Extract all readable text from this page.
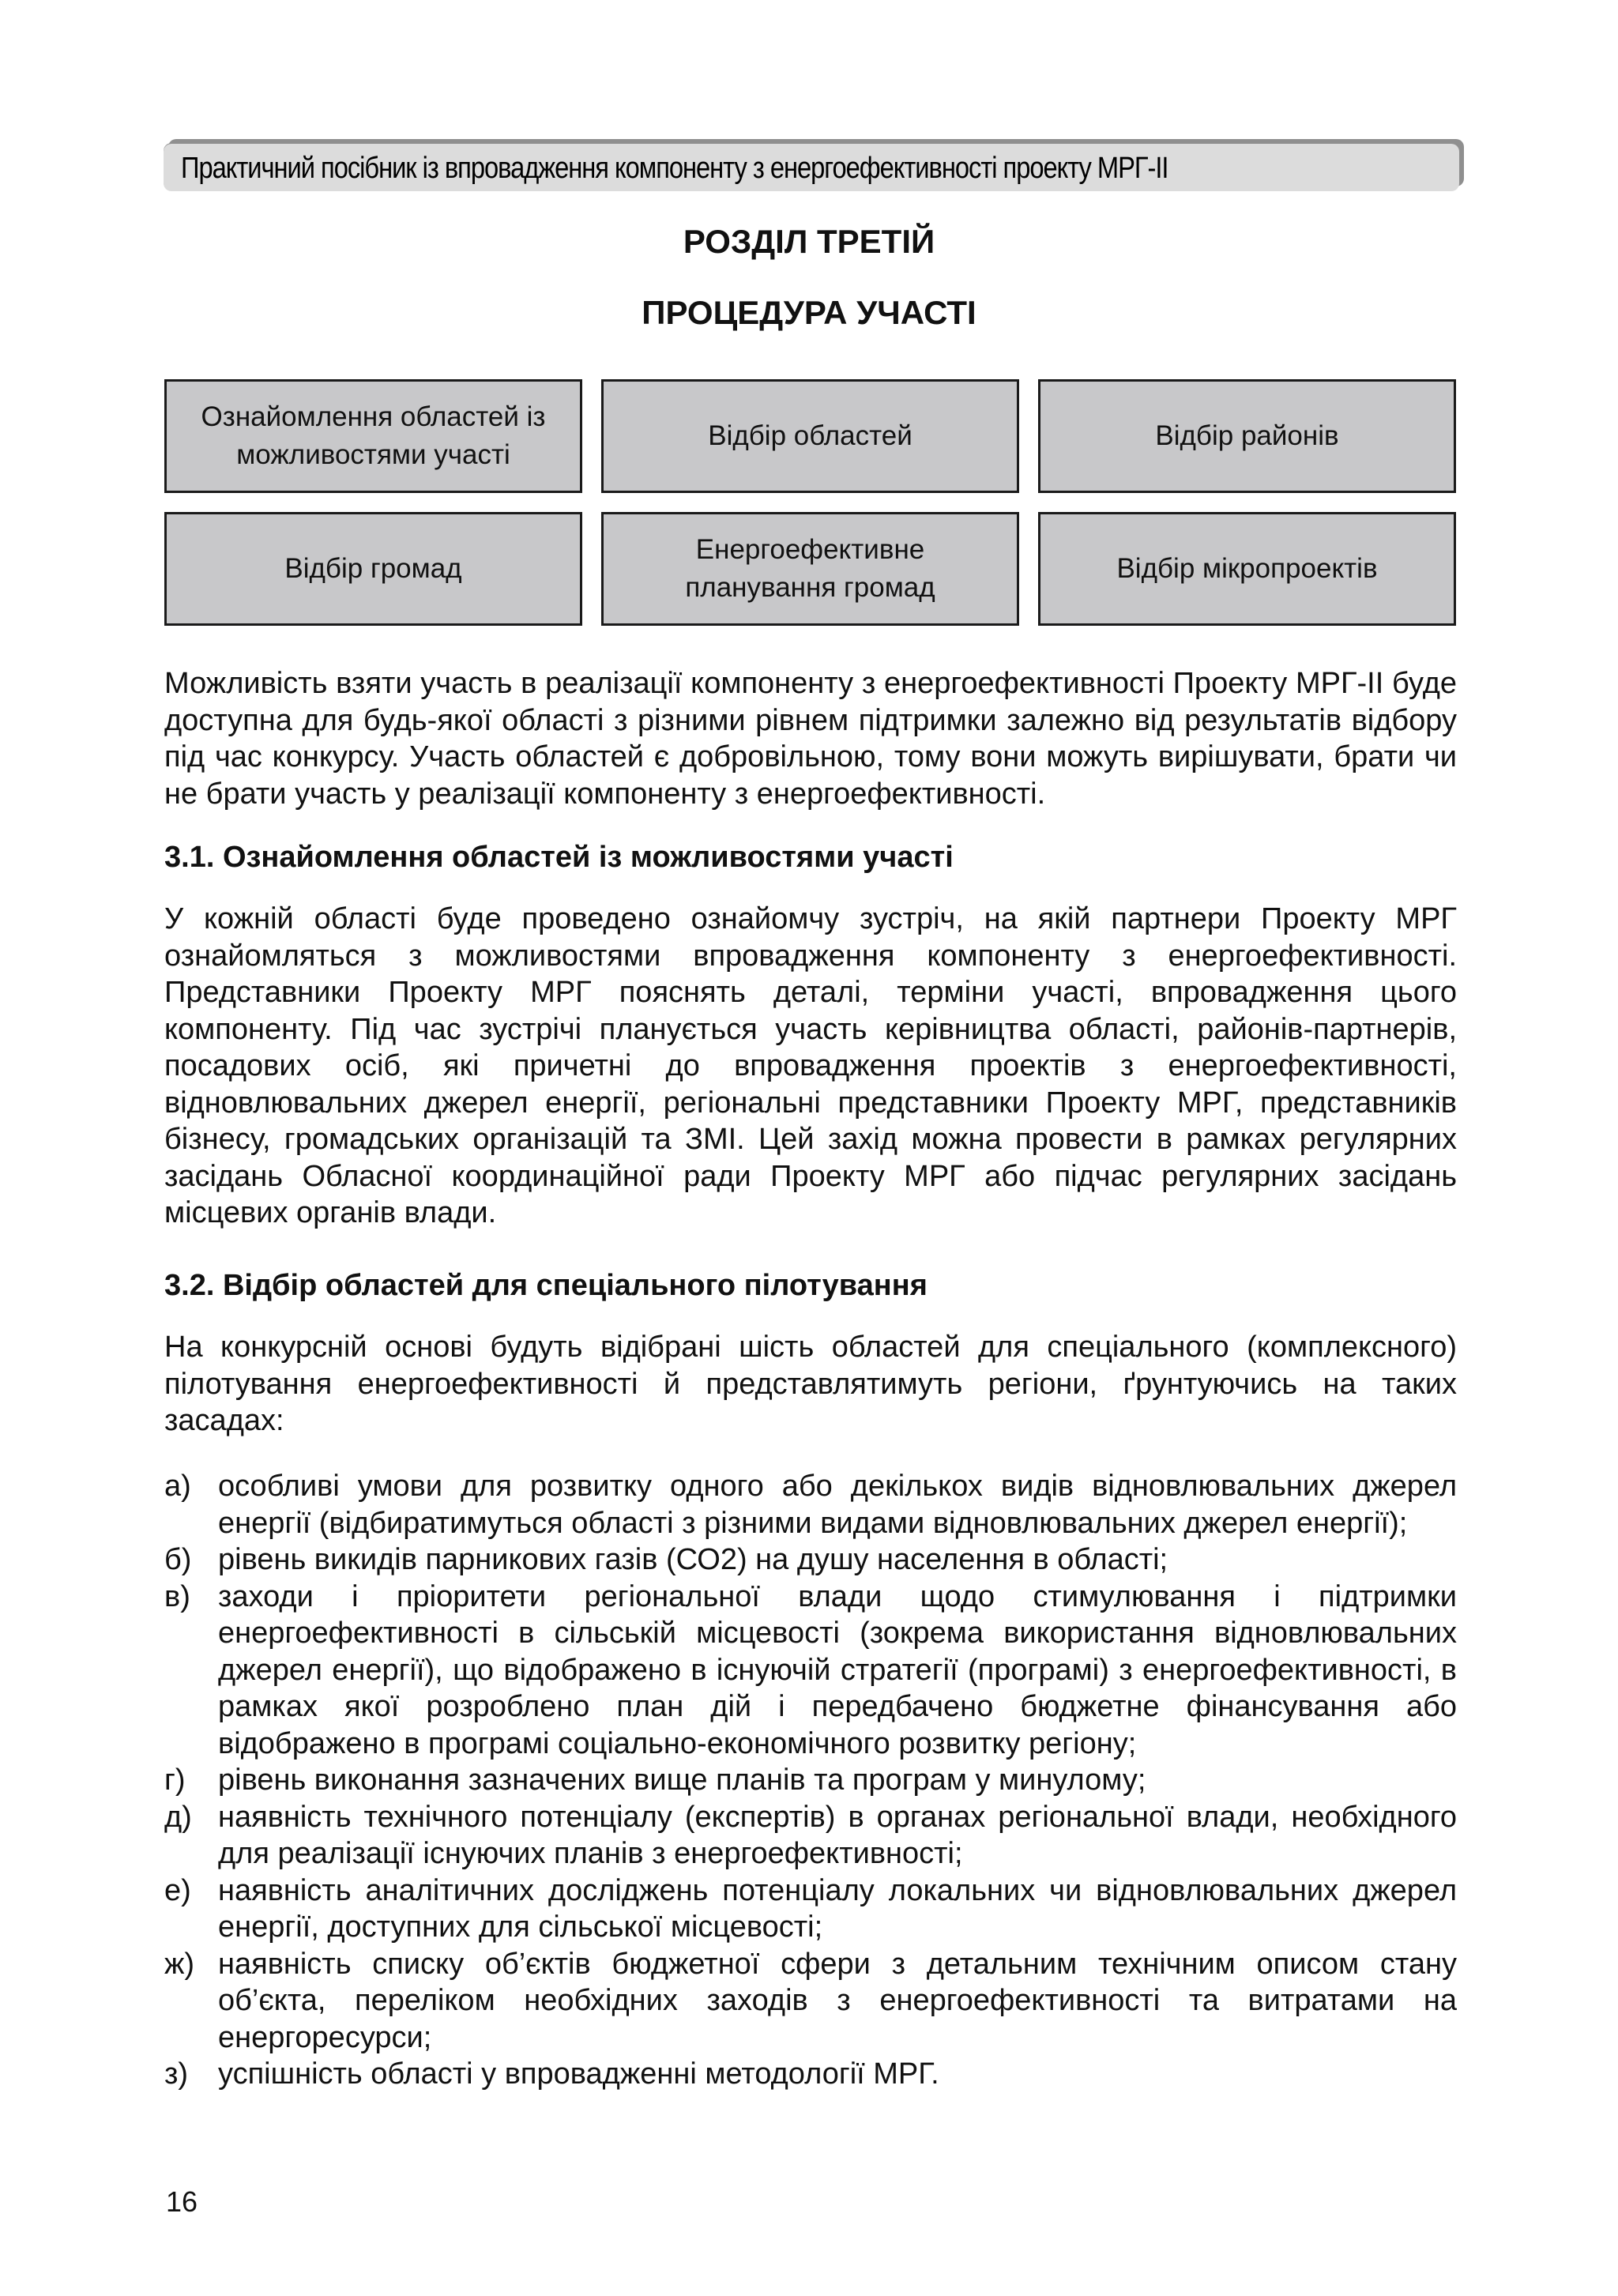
Практичний посібник із впровадження компоненту з енергоефективності проекту МРГ-ІІ
РОЗДІЛ ТРЕТІЙ
ПРОЦЕДУРА УЧАСТІ
Ознайомлення областей із можливостями участі
Відбір областей	Відбір районів
Відбір громад
Енергоефективне планування громад
Відбір мікропроектів

Можливість взяти участь в реалізації компоненту з енергоефективності Проекту МРГ-ІІ буде доступна для будь-якої області з різними рівнем підтримки залежно від результатів відбору під час конкурсу. Участь областей є добровільною, тому вони можуть вирішувати, брати чи не брати участь у реалізації компоненту з енергоефективності.

3.1. Ознайомлення областей із можливостями участі

У кожній області буде проведено ознайомчу зустріч, на якій партнери Проекту МРГ ознайомляться з можливостями впровадження компоненту з енергоефективності. Представники Проекту МРГ пояснять деталі, терміни участі, впровадження цього компоненту. Під час зустрічі планується участь керівництва області, районів-партнерів, посадових осіб, які причетні до впровадження проектів з енергоефективності, відновлювальних джерел енергії, регіональні представники Проекту МРГ, представників бізнесу, громадських організацій та ЗМІ. Цей захід можна провести в рамках регулярних засідань Обласної координаційної ради Проекту МРГ або підчас регулярних засідань місцевих органів влади.

3.2. Відбір областей для спеціального пілотування

На конкурсній основі будуть відібрані шість областей для спеціального (комплексного) пілотування енергоефективності й представлятимуть регіони, ґрунтуючись на таких засадах:

а) особливі умови для розвитку одного або декількох видів відновлювальних джерел енергії (відбиратимуться області з різними видами відновлювальних джерел енергії);
б) рівень викидів парникових газів (СО2) на душу населення в області;
в) заходи і пріоритети регіональної влади щодо стимулювання і підтримки енергоефективності в сільській місцевості (зокрема використання відновлювальних джерел енергії), що відображено в існуючій стратегії (програмі) з енергоефективності, в рамках якої розроблено план дій і передбачено бюджетне фінансування або відображено в програмі соціально-економічного розвитку регіону;
г)	рівень виконання зазначених вище планів та програм у минулому;
д) наявність технічного потенціалу (експертів) в органах регіональної влади, необхідного для реалізації існуючих планів з енергоефективності;
е) наявність аналітичних досліджень потенціалу локальних чи відновлювальних джерел енергії, доступних для сільської місцевості;
ж) наявність списку об’єктів бюджетної сфери з детальним технічним описом стану об’єкта, переліком необхідних заходів з енергоефективності та витратами на енергоресурси;
з) успішність області у впровадженні методології МРГ.
16
